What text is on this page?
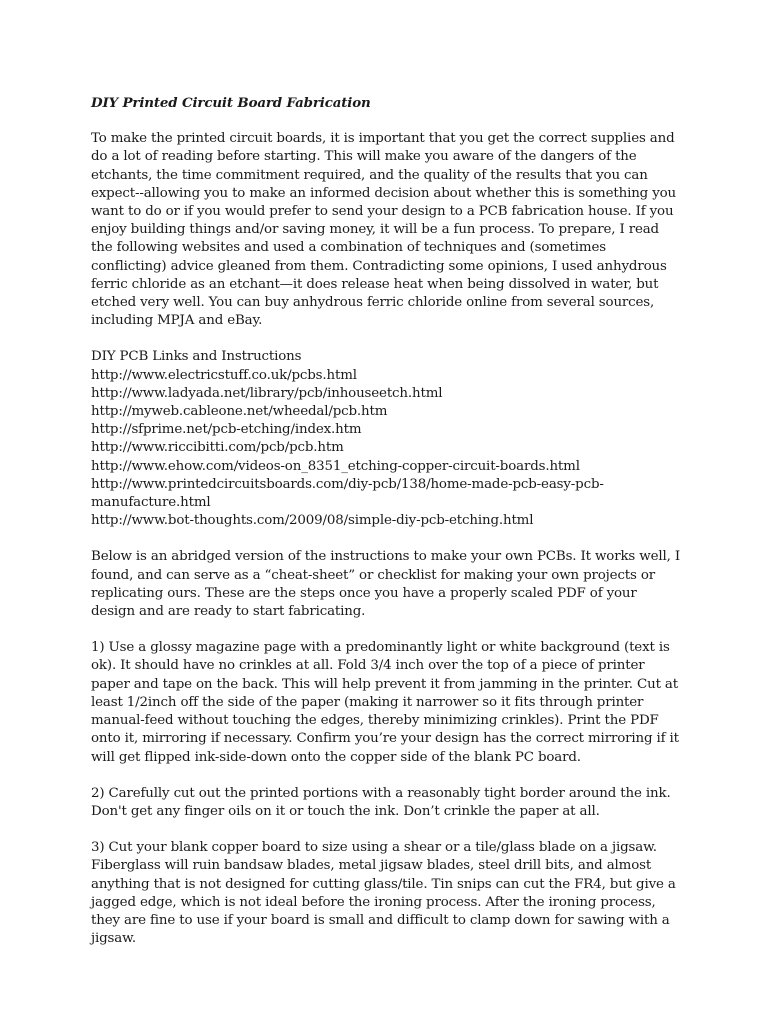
DIY Printed Circuit Board Fabrication

To make the printed circuit boards, it is important that you get the correct supplies and do a lot of reading before starting. This will make you aware of the dangers of the etchants, the time commitment required, and the quality of the results that you can expect--allowing you to make an informed decision about whether this is something you want to do or if you would prefer to send your design to a PCB fabrication house. If you enjoy building things and/or saving money, it will be a fun process. To prepare, I read the following websites and used a combination of techniques and (sometimes conflicting) advice gleaned from them. Contradicting some opinions, I used anhydrous ferric chloride as an etchant—it does release heat when being dissolved in water, but etched very well. You can buy anhydrous ferric chloride online from several sources, including MPJA and eBay.

DIY PCB Links and Instructions
http://www.electricstuff.co.uk/pcbs.html
http://www.ladyada.net/library/pcb/inhouseetch.html
http://myweb.cableone.net/wheedal/pcb.htm
http://sfprime.net/pcb-etching/index.htm
http://www.riccibitti.com/pcb/pcb.htm
http://www.ehow.com/videos-on_8351_etching-copper-circuit-boards.html
http://www.printedcircuitsboards.com/diy-pcb/138/home-made-pcb-easy-pcb-manufacture.html
http://www.bot-thoughts.com/2009/08/simple-diy-pcb-etching.html

Below is an abridged version of the instructions to make your own PCBs. It works well, I found, and can serve as a “cheat-sheet” or checklist for making your own projects or replicating ours. These are the steps once you have a properly scaled PDF of your design and are ready to start fabricating.

1) Use a glossy magazine page with a predominantly light or white background (text is ok). It should have no crinkles at all. Fold 3/4 inch over the top of a piece of printer paper and tape on the back. This will help prevent it from jamming in the printer. Cut at least 1/2inch off the side of the paper (making it narrower so it fits through printer manual-feed without touching the edges, thereby minimizing crinkles). Print the PDF onto it, mirroring if necessary. Confirm you’re your design has the correct mirroring if it will get flipped ink-side-down onto the copper side of the blank PC board.

2) Carefully cut out the printed portions with a reasonably tight border around the ink. Don't get any finger oils on it or touch the ink. Don’t crinkle the paper at all.

3) Cut your blank copper board to size using a shear or a tile/glass blade on a jigsaw. Fiberglass will ruin bandsaw blades, metal jigsaw blades, steel drill bits, and almost anything that is not designed for cutting glass/tile. Tin snips can cut the FR4, but give a jagged edge, which is not ideal before the ironing process. After the ironing process, they are fine to use if your board is small and difficult to clamp down for sawing with a jigsaw.
